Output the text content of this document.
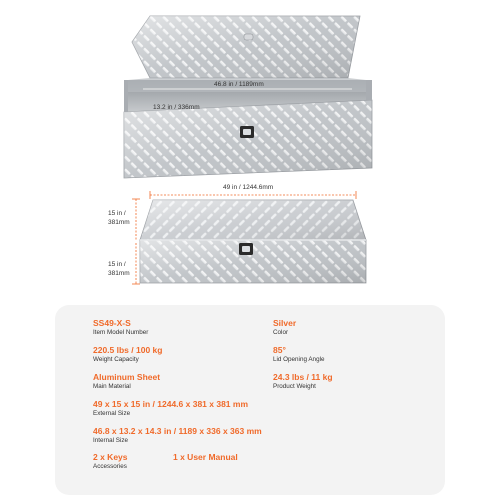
46.8 in / 1189mm
13.2 in / 336mm
49 in / 1244.6mm
15 in /
381mm
15 in /
381mm
SS49-X-S
Item Model Number
Silver
Color
220.5 lbs / 100 kg
Weight Capacity
85°
Lid Opening Angle
Aluminum Sheet
Main Material
24.3 lbs / 11 kg
Product Weight
49 x 15 x 15 in / 1244.6 x 381 x 381 mm
External Size
46.8 x 13.2 x 14.3 in / 1189 x 336 x 363 mm
Internal Size
2 x Keys
Accessories
1 x User Manual
